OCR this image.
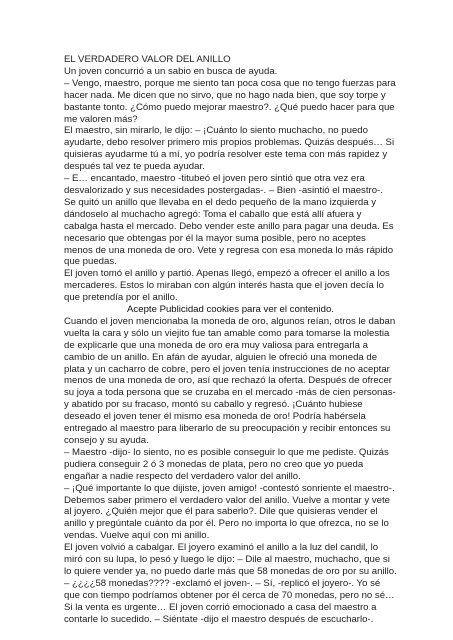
EL VERDADERO VALOR DEL ANILLO

Un joven concurrió a un sabio en busca de ayuda.

– Vengo, maestro, porque me siento tan poca cosa que no tengo fuerzas para hacer nada. Me dicen que no sirvo, que no hago nada bien, que soy torpe y bastante tonto. ¿Cómo puedo mejorar maestro?. ¿Qué puedo hacer para que me valoren más?

El maestro, sin mirarlo, le dijo: – ¡Cuánto lo siento muchacho, no puedo ayudarte, debo resolver primero mis propios problemas. Quizás después… Si quisieras ayudarme tú a mí, yo podría resolver este tema con más rapidez y después tal vez te pueda ayudar.

– E… encantado, maestro -titubeó el joven pero sintió que otra vez era desvalorizado y sus necesidades postergadas-. – Bien -asintió el maestro-. Se quitó un anillo que llevaba en el dedo pequeño de la mano izquierda y dándoselo al muchacho agregó: Toma el caballo que está allí afuera y cabalga hasta el mercado. Debo vender este anillo para pagar una deuda. Es necesario que obtengas por él la mayor suma posible, pero no aceptes menos de una moneda de oro. Vete y regresa con esa moneda lo más rápido que puedas.

El joven tomó el anillo y partió. Apenas llegó, empezó a ofrecer el anillo a los mercaderes. Estos lo miraban con algún interés hasta que el joven decía lo que pretendía por el anillo.

Acepte Publicidad cookies para ver el contenido.

Cuando el joven mencionaba la moneda de oro, algunos reían, otros le daban vuelta la cara y sólo un viejito fue tan amable como para tomarse la molestia de explicarle que una moneda de oro era muy valiosa para entregarla a cambio de un anillo. En afán de ayudar, alguien le ofreció una moneda de plata y un cacharro de cobre, pero el joven tenía instrucciones de no aceptar menos de una moneda de oro, así que rechazó la oferta. Después de ofrecer su joya a toda persona que se cruzaba en el mercado -más de cien personas- y abatido por su fracaso, montó su caballo y regresó. ¡Cuánto hubiese deseado el joven tener él mismo esa moneda de oro! Podría habérsela entregado al maestro para liberarlo de su preocupación y recibir entonces su consejo y su ayuda.

– Maestro -dijo- lo siento, no es posible conseguir lo que me pediste. Quizás pudiera conseguir 2 ó 3 monedas de plata, pero no creo que yo pueda engañar a nadie respecto del verdadero valor del anillo.

– ¡Qué importante lo que dijiste, joven amigo! -contestó sonriente el maestro-. Debemos saber primero el verdadero valor del anillo. Vuelve a montar y vete al joyero. ¿Quién mejor que él para saberlo?. Dile que quisieras vender el anillo y pregúntale cuánto da por él. Pero no importa lo que ofrezca, no se lo vendas. Vuelve aquí con mi anillo.

El joven volvió a cabalgar. El joyero examinó el anillo a la luz del candil, lo miró con su lupa, lo pesó y luego le dijo: – Dile al maestro, muchacho, que si lo quiere vender ya, no puedo darle más que 58 monedas de oro por su anillo. – ¿¿¿¿58 monedas???? -exclamó el joven-. – Sí, -replicó el joyero-. Yo sé que con tiempo podríamos obtener por él cerca de 70 monedas, pero no sé… Si la venta es urgente… El joven corrió emocionado a casa del maestro a contarle lo sucedido. – Siéntate -dijo el maestro después de escucharlo-.
